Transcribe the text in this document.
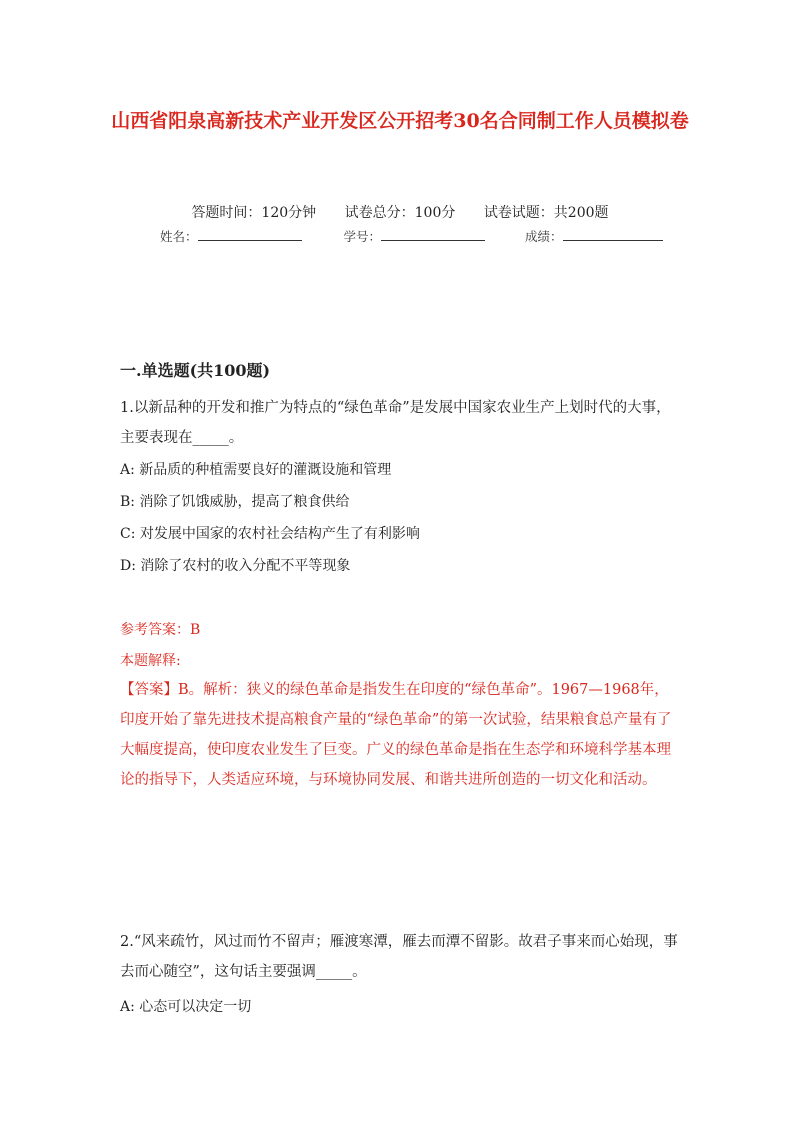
山西省阳泉高新技术产业开发区公开招考30名合同制工作人员模拟卷
答题时间：120分钟 试卷总分：100分 试卷试题：共200题
姓名：	学号：	成绩：
一.单选题(共100题)
1.以新品种的开发和推广为特点的“绿色革命”是发展中国家农业生产上划时代的大事，主要表现在_____。
A: 新品质的种植需要良好的灌溉设施和管理
B: 消除了饥饿威胁，提高了粮食供给
C: 对发展中国家的农村社会结构产生了有利影响
D: 消除了农村的收入分配不平等现象
参考答案：B
本题解释:
【答案】B。解析：狭义的绿色革命是指发生在印度的“绿色革命”。1967—1968年，印度开始了靠先进技术提高粮食产量的“绿色革命”的第一次试验，结果粮食总产量有了大幅度提高，使印度农业发生了巨变。广义的绿色革命是指在生态学和环境科学基本理论的指导下，人类适应环境，与环境协同发展、和谐共进所创造的一切文化和活动。
2.“风来疏竹，风过而竹不留声；雁渡寒潭，雁去而潭不留影。故君子事来而心始现，事去而心随空”，这句话主要强调_____。
A: 心态可以决定一切
